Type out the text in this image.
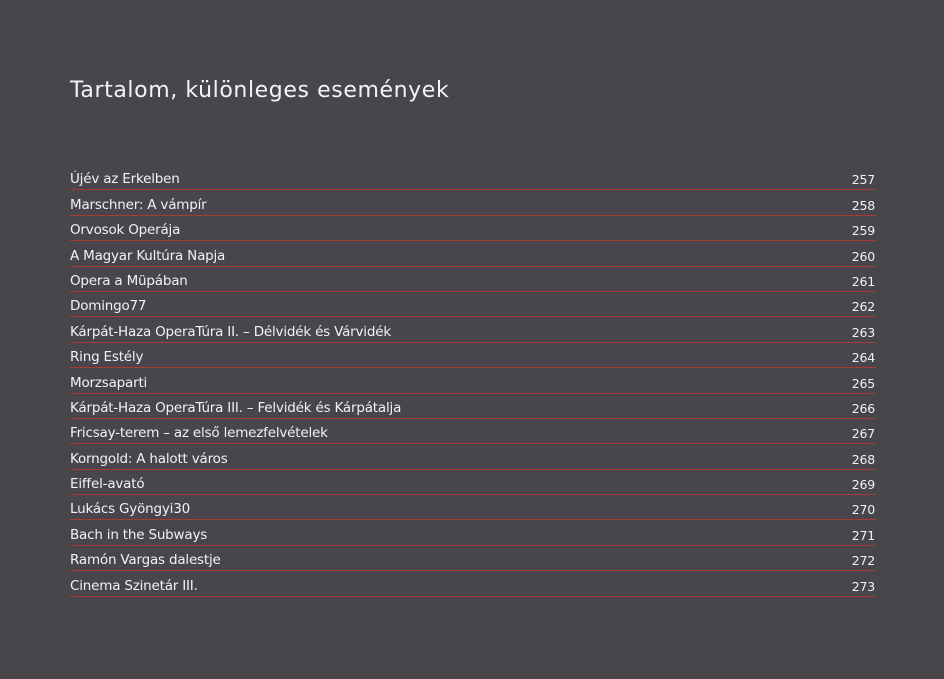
Tartalom, különleges események
Újév az Erkelben	257
Marschner: A vámpír	258
Orvosok Operája	259
A Magyar Kultúra Napja	260
Opera a Müpában	261
Domingo77	262
Kárpát-Haza OperaTúra II. – Délvidék és Várvidék	263
Ring Estély	264
Morzsaparti	265
Kárpát-Haza OperaTúra III. – Felvidék és Kárpátalja	266
Fricsay-terem – az első lemezfelvételek	267
Korngold: A halott város	268
Eiffel-avató	269
Lukács Gyöngyi30	270
Bach in the Subways	271
Ramón Vargas dalestje	272
Cinema Szinetár III.	273
